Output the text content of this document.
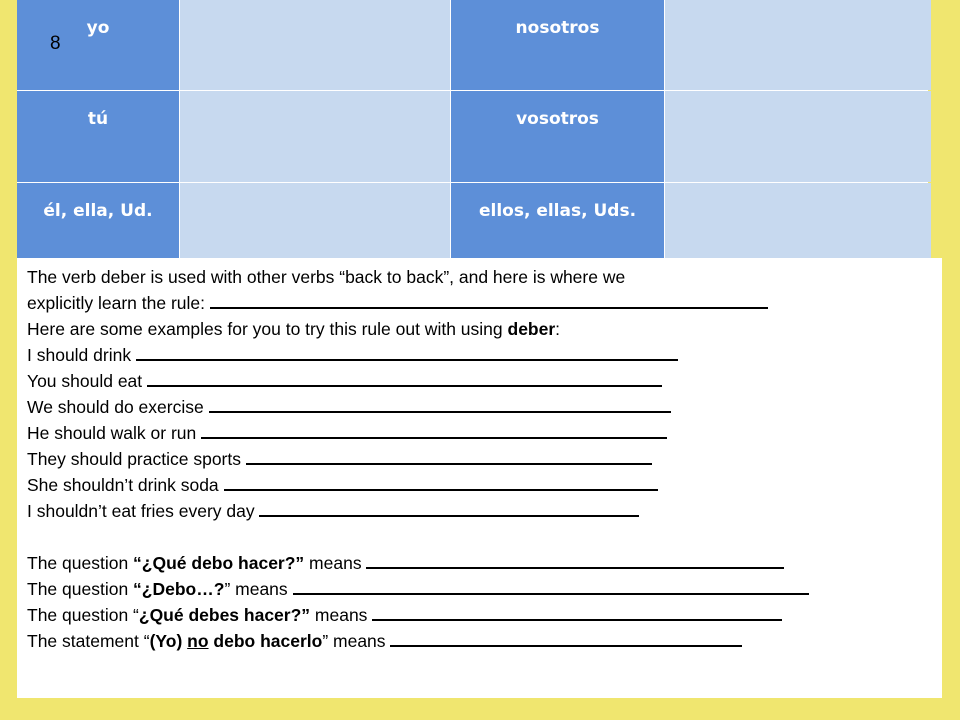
8
yo	nosotros
tú	vosotros
él, ella, Ud.	ellos, ellas, Uds.
The verb deber is used with other verbs “back to back”, and here is where we
explicitly learn the rule:
Here are some examples for you to try this rule out with using deber:
I should drink
You should eat
We should do exercise
He should walk or run
They should practice sports
She shouldn’t drink soda
I shouldn’t eat fries every day
The question “¿Qué debo hacer?” means
The question “¿Debo…?” means
The question “¿Qué debes hacer?” means
The statement “(Yo) no debo hacerlo” means
